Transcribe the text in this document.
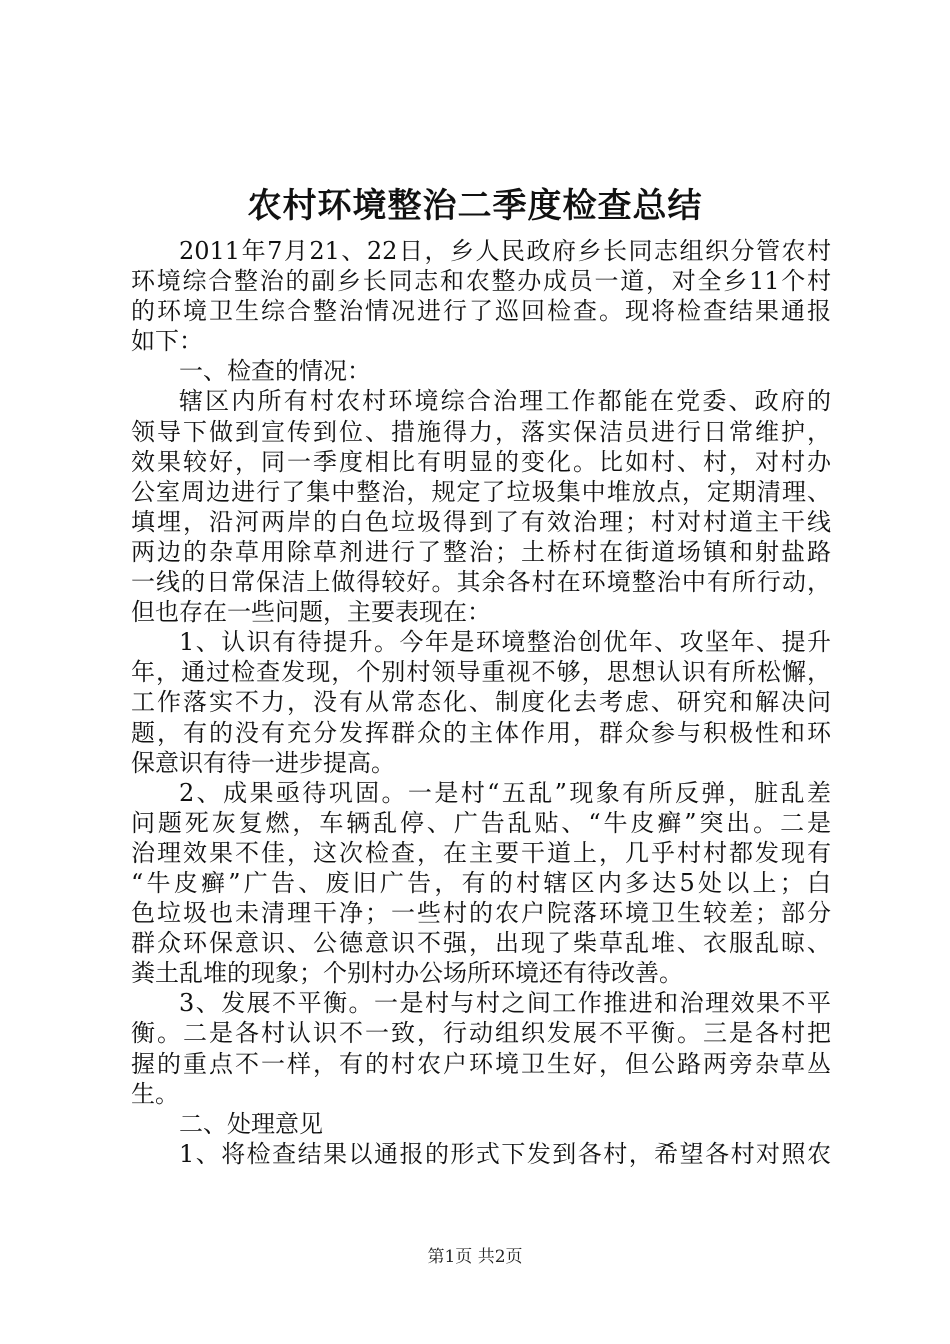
农村环境整治二季度检查总结
2011年7月21、22日，乡人民政府乡长同志组织分管农村
环境综合整治的副乡长同志和农整办成员一道，对全乡11个村
的环境卫生综合整治情况进行了巡回检查。现将检查结果通报
如下：
一、检查的情况：
辖区内所有村农村环境综合治理工作都能在党委、政府的
领导下做到宣传到位、措施得力，落实保洁员进行日常维护，
效果较好，同一季度相比有明显的变化。比如村、村，对村办
公室周边进行了集中整治，规定了垃圾集中堆放点，定期清理、
填埋，沿河两岸的白色垃圾得到了有效治理；村对村道主干线
两边的杂草用除草剂进行了整治；土桥村在街道场镇和射盐路
一线的日常保洁上做得较好。其余各村在环境整治中有所行动，
但也存在一些问题，主要表现在：
1、认识有待提升。今年是环境整治创优年、攻坚年、提升
年，通过检查发现，个别村领导重视不够，思想认识有所松懈，
工作落实不力，没有从常态化、制度化去考虑、研究和解决问
题，有的没有充分发挥群众的主体作用，群众参与积极性和环
保意识有待一进步提高。
2、成果亟待巩固。一是村“五乱”现象有所反弹，脏乱差
问题死灰复燃，车辆乱停、广告乱贴、“牛皮癣”突出。二是
治理效果不佳，这次检查，在主要干道上，几乎村村都发现有
“牛皮癣”广告、废旧广告，有的村辖区内多达5处以上；白
色垃圾也未清理干净；一些村的农户院落环境卫生较差；部分
群众环保意识、公德意识不强，出现了柴草乱堆、衣服乱晾、
粪土乱堆的现象；个别村办公场所环境还有待改善。
3、发展不平衡。一是村与村之间工作推进和治理效果不平
衡。二是各村认识不一致，行动组织发展不平衡。三是各村把
握的重点不一样，有的村农户环境卫生好，但公路两旁杂草丛
生。
二、处理意见
1、将检查结果以通报的形式下发到各村，希望各村对照农
第1页 共2页
